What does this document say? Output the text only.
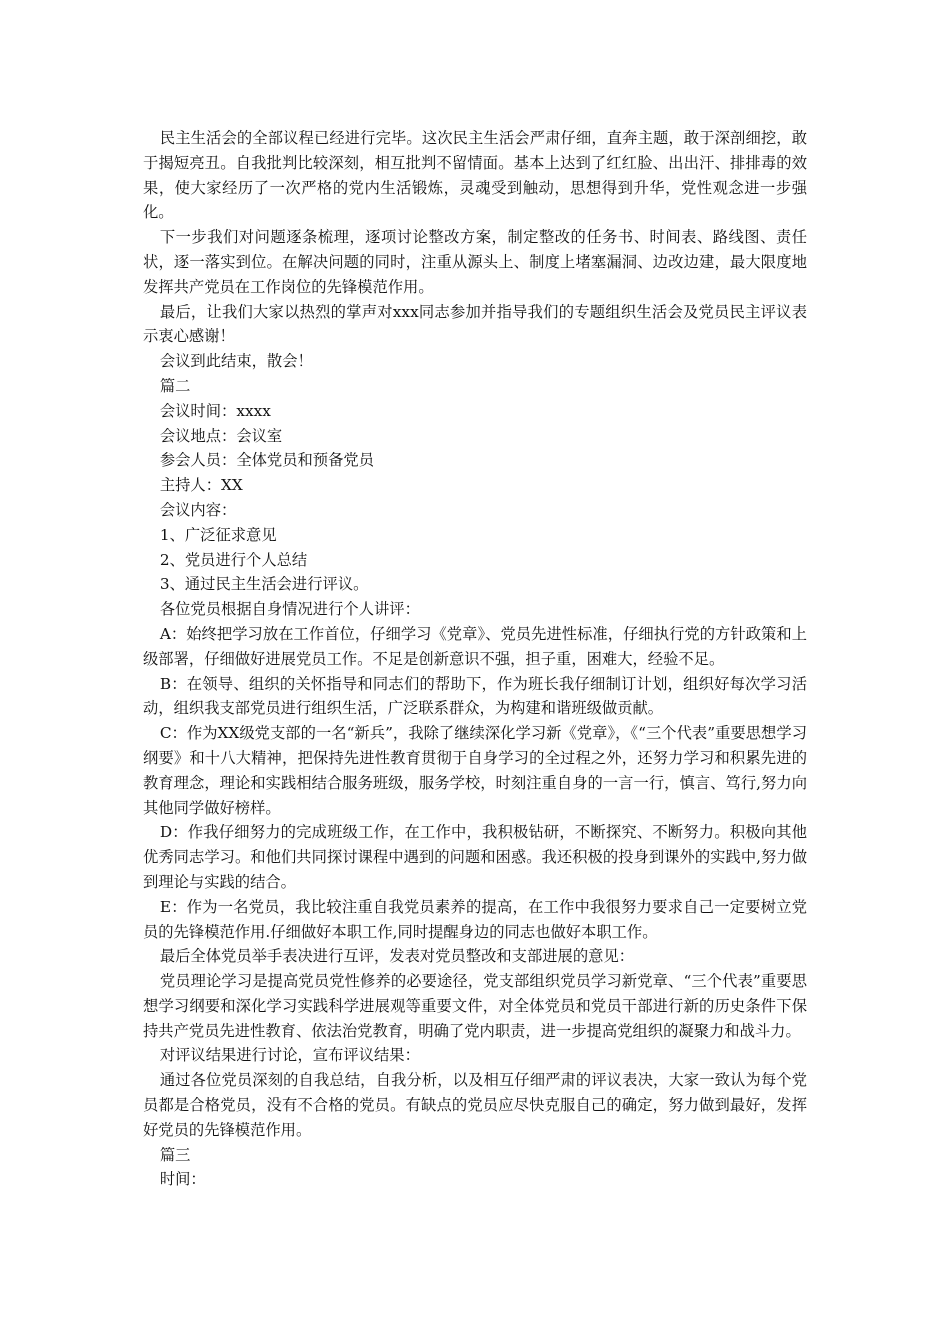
民主生活会的全部议程已经进行完毕。这次民主生活会严肃仔细，直奔主题，敢于深剖细挖，敢于揭短亮丑。自我批判比较深刻，相互批判不留情面。基本上达到了红红脸、出出汗、排排毒的效果，使大家经历了一次严格的党内生活锻炼，灵魂受到触动，思想得到升华，党性观念进一步强化。

下一步我们对问题逐条梳理，逐项讨论整改方案，制定整改的任务书、时间表、路线图、责任状，逐一落实到位。在解决问题的同时，注重从源头上、制度上堵塞漏洞、边改边建，最大限度地发挥共产党员在工作岗位的先锋模范作用。

最后，让我们大家以热烈的掌声对xxx同志参加并指导我们的专题组织生活会及党员民主评议表示衷心感谢！

会议到此结束，散会！

篇二

会议时间：xxxx

会议地点：会议室

参会人员：全体党员和预备党员

主持人：XX

会议内容：

1、广泛征求意见

2、党员进行个人总结

3、通过民主生活会进行评议。

各位党员根据自身情况进行个人讲评：

A：始终把学习放在工作首位，仔细学习《党章》、党员先进性标准，仔细执行党的方针政策和上级部署，仔细做好进展党员工作。不足是创新意识不强，担子重，困难大，经验不足。

B：在领导、组织的关怀指导和同志们的帮助下，作为班长我仔细制订计划，组织好每次学习活动，组织我支部党员进行组织生活，广泛联系群众，为构建和谐班级做贡献。

C：作为XX级党支部的一名“新兵”，我除了继续深化学习新《党章》，《“三个代表”重要思想学习纲要》和十八大精神，把保持先进性教育贯彻于自身学习的全过程之外，还努力学习和积累先进的教育理念，理论和实践相结合服务班级，服务学校，时刻注重自身的一言一行，慎言、笃行,努力向其他同学做好榜样。

D：作我仔细努力的完成班级工作，在工作中，我积极钻研，不断探究、不断努力。积极向其他优秀同志学习。和他们共同探讨课程中遇到的问题和困惑。我还积极的投身到课外的实践中,努力做到理论与实践的结合。

E：作为一名党员，我比较注重自我党员素养的提高，在工作中我很努力要求自己一定要树立党员的先锋模范作用.仔细做好本职工作,同时提醒身边的同志也做好本职工作。

最后全体党员举手表决进行互评，发表对党员整改和支部进展的意见：

党员理论学习是提高党员党性修养的必要途径，党支部组织党员学习新党章、“三个代表”重要思想学习纲要和深化学习实践科学进展观等重要文件，对全体党员和党员干部进行新的历史条件下保持共产党员先进性教育、依法治党教育，明确了党内职责，进一步提高党组织的凝聚力和战斗力。

对评议结果进行讨论，宣布评议结果：

通过各位党员深刻的自我总结，自我分析，以及相互仔细严肃的评议表决，大家一致认为每个党员都是合格党员，没有不合格的党员。有缺点的党员应尽快克服自己的确定，努力做到最好，发挥好党员的先锋模范作用。

篇三

时间：
